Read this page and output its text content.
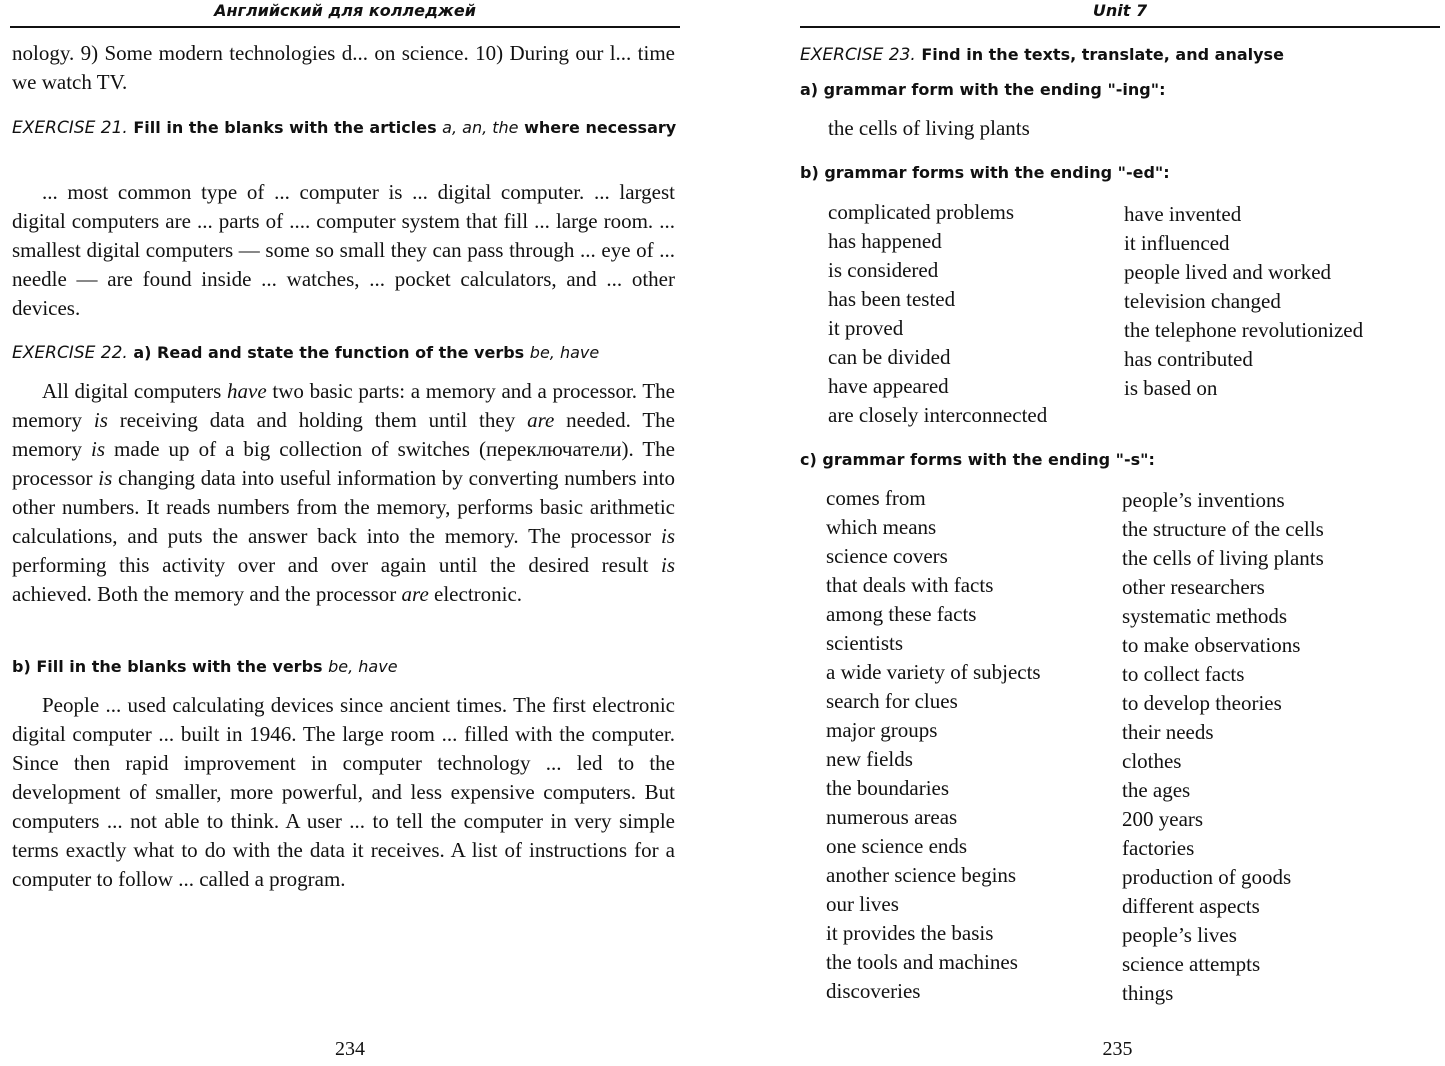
Английский для колледжей

nology. 9) Some modern technologies d... on science. 10) During our l... time we watch TV.

EXERCISE 21. Fill in the blanks with the articles a, an, the where necessary

... most common type of ... computer is ... digital computer. ... largest digital computers are ... parts of .... computer system that fill ... large room. ... smallest digital computers — some so small they can pass through ... eye of ... needle — are found inside ... watches, ... pocket calculators, and ... other devices.

EXERCISE 22. a) Read and state the function of the verbs be, have

All digital computers have two basic parts: a memory and a processor. The memory is receiving data and holding them until they are needed. The memory is made up of a big collection of switches (переключатели). The processor is changing data into useful information by converting numbers into other numbers. It reads numbers from the memory, performs basic arithmetic calculations, and puts the answer back into the memory. The processor is performing this activity over and over again until the desired result is achieved. Both the memory and the processor are electronic.

b) Fill in the blanks with the verbs be, have

People ... used calculating devices since ancient times. The first electronic digital computer ... built in 1946. The large room ... filled with the computer. Since then rapid improvement in computer technology ... led to the development of smaller, more powerful, and less expensive computers. But computers ... not able to think. A user ... to tell the computer in very simple terms exactly what to do with the data it receives. A list of instructions for a computer to follow ... called a program.

234
Unit 7

EXERCISE 23. Find in the texts, translate, and analyse

a) grammar form with the ending "-ing":

the cells of living plants

b) grammar forms with the ending "-ed":

complicated problems
has happened
is considered
has been tested
it proved
can be divided
have appeared
are closely interconnected
have invented
it influenced
people lived and worked
television changed
the telephone revolutionized
has contributed
is based on

c) grammar forms with the ending "-s":

comes from
which means
science covers
that deals with facts
among these facts
scientists
a wide variety of subjects
search for clues
major groups
new fields
the boundaries
numerous areas
one science ends
another science begins
our lives
it provides the basis
the tools and machines
discoveries
people’s inventions
the structure of the cells
the cells of living plants
other researchers
systematic methods
to make observations
to collect facts
to develop theories
their needs
clothes
the ages
200 years
factories
production of goods
different aspects
people’s lives
science attempts
things
235
